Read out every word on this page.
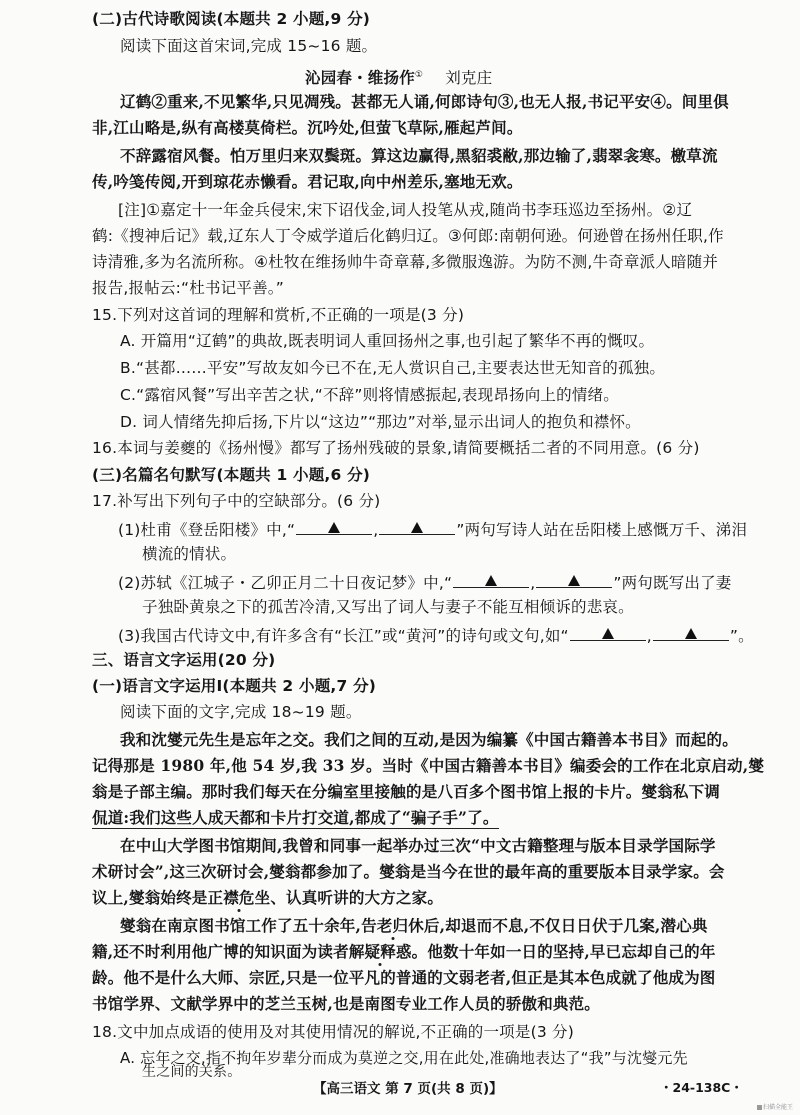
(二)古代诗歌阅读(本题共 2 小题,9 分)

阅读下面这首宋词,完成 15~16 题。

沁园春・维扬作① 刘克庄

辽鹤②重来,不见繁华,只见凋残。甚都无人诵,何郎诗句③,也无人报,书记平安④。间里俱

非,江山略是,纵有高楼莫倚栏。沉吟处,但萤飞草际,雁起芦间。

不辞露宿风餐。怕万里归来双鬓斑。算这边赢得,黑貂裘敝,那边输了,翡翠衾寒。檄草流

传,吟笺传阅,开到琼花赤懒看。君记取,向中州差乐,塞地无欢。

[注]①嘉定十一年金兵侵宋,宋下诏伐金,词人投笔从戎,随尚书李珏巡边至扬州。②辽

鹤:《搜神后记》载,辽东人丁令威学道后化鹤归辽。③何郎:南朝何逊。何逊曾在扬州任职,作

诗清雅,多为名流所称。④杜牧在维扬帅牛奇章幕,多微服逸游。为防不测,牛奇章派人暗随并

报告,报帖云:“杜书记平善。”

15.下列对这首词的理解和赏析,不正确的一项是(3 分)

A. 开篇用“辽鹤”的典故,既表明词人重回扬州之事,也引起了繁华不再的慨叹。

B.“甚都……平安”写故友如今已不在,无人赏识自己,主要表达世无知音的孤独。

C.“露宿风餐”写出辛苦之状,“不辞”则将情感振起,表现昂扬向上的情绪。

D. 词人情绪先抑后扬,下片以“这边”“那边”对举,显示出词人的抱负和襟怀。

16.本词与姜夔的《扬州慢》都写了扬州残破的景象,请简要概括二者的不同用意。(6 分)

(三)名篇名句默写(本题共 1 小题,6 分)

17.补写出下列句子中的空缺部分。(6 分)

(1)杜甫《登岳阳楼》中,“	,	”两句写诗人站在岳阳楼上感慨万千、涕泪

横流的情状。

(2)苏轼《江城子・乙卯正月二十日夜记梦》中,“	,	”两句既写出了妻

子独卧黄泉之下的孤苦冷清,又写出了词人与妻子不能互相倾诉的悲哀。

(3)我国古代诗文中,有许多含有“长江”或“黄河”的诗句或文句,如“	,	”。

三、语言文字运用(20 分)

(一)语言文字运用Ⅰ(本题共 2 小题,7 分)

阅读下面的文字,完成 18~19 题。

我和沈燮元先生是忘年之交。我们之间的互动,是因为编纂《中国古籍善本书目》而起的。

记得那是 1980 年,他 54 岁,我 33 岁。当时《中国古籍善本书目》编委会的工作在北京启动,燮

翁是子部主编。那时我们每天在分编室里接触的是八百多个图书馆上报的卡片。燮翁私下调

侃道:我们这些人成天都和卡片打交道,都成了“骗子手”了。

在中山大学图书馆期间,我曾和同事一起举办过三次“中文古籍整理与版本目录学国际学

术研讨会”,这三次研讨会,燮翁都参加了。燮翁是当今在世的最年高的重要版本目录学家。会

议上,燮翁始终是正襟危坐、认真听讲的大方之家。

燮翁在南京图书馆工作了五十余年,告老归休后,却退而不息,不仅日日伏于几案,潜心典

籍,还不时利用他广博的知识面为读者解疑释惑。他数十年如一日的坚持,早已忘却自己的年

龄。他不是什么大师、宗匠,只是一位平凡的普通的文弱老者,但正是其本色成就了他成为图

书馆学界、文献学界中的芝兰玉树,也是南图专业工作人员的骄傲和典范。

18.文中加点成语的使用及对其使用情况的解说,不正确的一项是(3 分)

A. 忘年之交,指不拘年岁辈分而成为莫逆之交,用在此处,准确地表达了“我”与沈燮元先

【高三语文 第 7 页(共 8 页)】	・24-138C・
扫描全能王

生之间的关系。
